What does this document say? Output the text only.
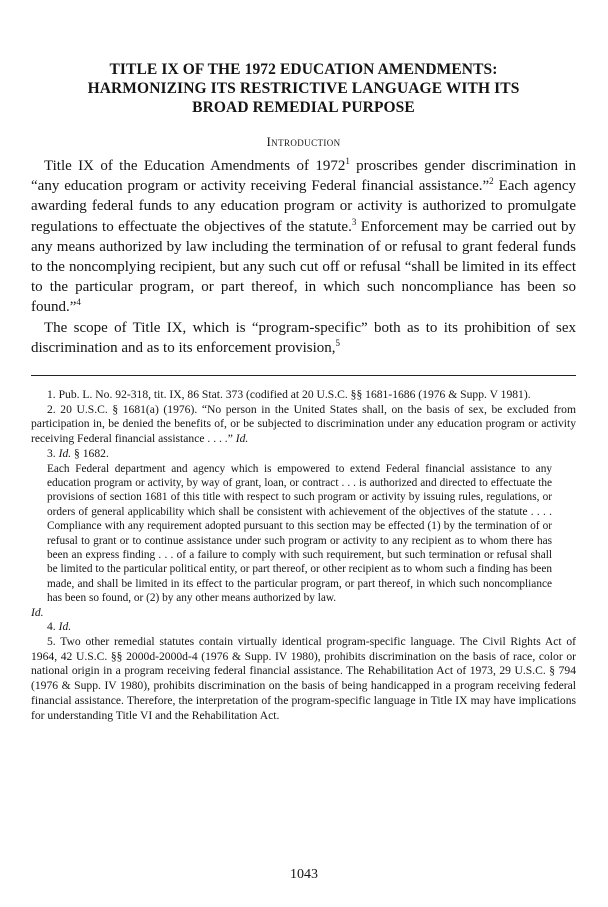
TITLE IX OF THE 1972 EDUCATION AMENDMENTS:
HARMONIZING ITS RESTRICTIVE LANGUAGE WITH ITS
BROAD REMEDIAL PURPOSE
Introduction

Title IX of the Education Amendments of 1972$^1$ proscribes gender discrimination in “any education program or activity receiving Federal financial assistance.”$^2$ Each agency awarding federal funds to any education program or activity is authorized to promulgate regulations to effectuate the objectives of the statute.$^3$ Enforcement may be carried out by any means authorized by law including the termination of or refusal to grant federal funds to the noncomplying recipient, but any such cut off or refusal “shall be limited in its effect to the particular program, or part thereof, in which such noncompliance has been so found.”$^4$

The scope of Title IX, which is “program-specific” both as to its prohibition of sex discrimination and as to its enforcement provision,$^5$

1. Pub. L. No. 92-318, tit. IX, 86 Stat. 373 (codified at 20 U.S.C. §§ 1681-1686 (1976 & Supp. V 1981).

2. 20 U.S.C. § 1681(a) (1976). “No person in the United States shall, on the basis of sex, be excluded from participation in, be denied the benefits of, or be subjected to discrimination under any education program or activity receiving Federal financial assistance . . . .” Id.

3. Id. § 1682.

Each Federal department and agency which is empowered to extend Federal financial assistance to any education program or activity, by way of grant, loan, or contract . . . is authorized and directed to effectuate the provisions of section 1681 of this title with respect to such program or activity by issuing rules, regulations, or orders of general applicability which shall be consistent with achievement of the objectives of the statute . . . . Compliance with any requirement adopted pursuant to this section may be effected (1) by the termination of or refusal to grant or to continue assistance under such program or activity to any recipient as to whom there has been an express finding . . . of a failure to comply with such requirement, but such termination or refusal shall be limited to the particular political entity, or part thereof, or other recipient as to whom such a finding has been made, and shall be limited in its effect to the particular program, or part thereof, in which such noncompliance has been so found, or (2) by any other means authorized by law.

Id.

4. Id.

5. Two other remedial statutes contain virtually identical program-specific language. The Civil Rights Act of 1964, 42 U.S.C. §§ 2000d-2000d-4 (1976 & Supp. IV 1980), prohibits discrimination on the basis of race, color or national origin in a program receiving federal financial assistance. The Rehabilitation Act of 1973, 29 U.S.C. § 794 (1976 & Supp. IV 1980), prohibits discrimination on the basis of being handicapped in a program receiving federal financial assistance. Therefore, the interpretation of the program-specific language in Title IX may have implications for understanding Title VI and the Rehabilitation Act.

1043
